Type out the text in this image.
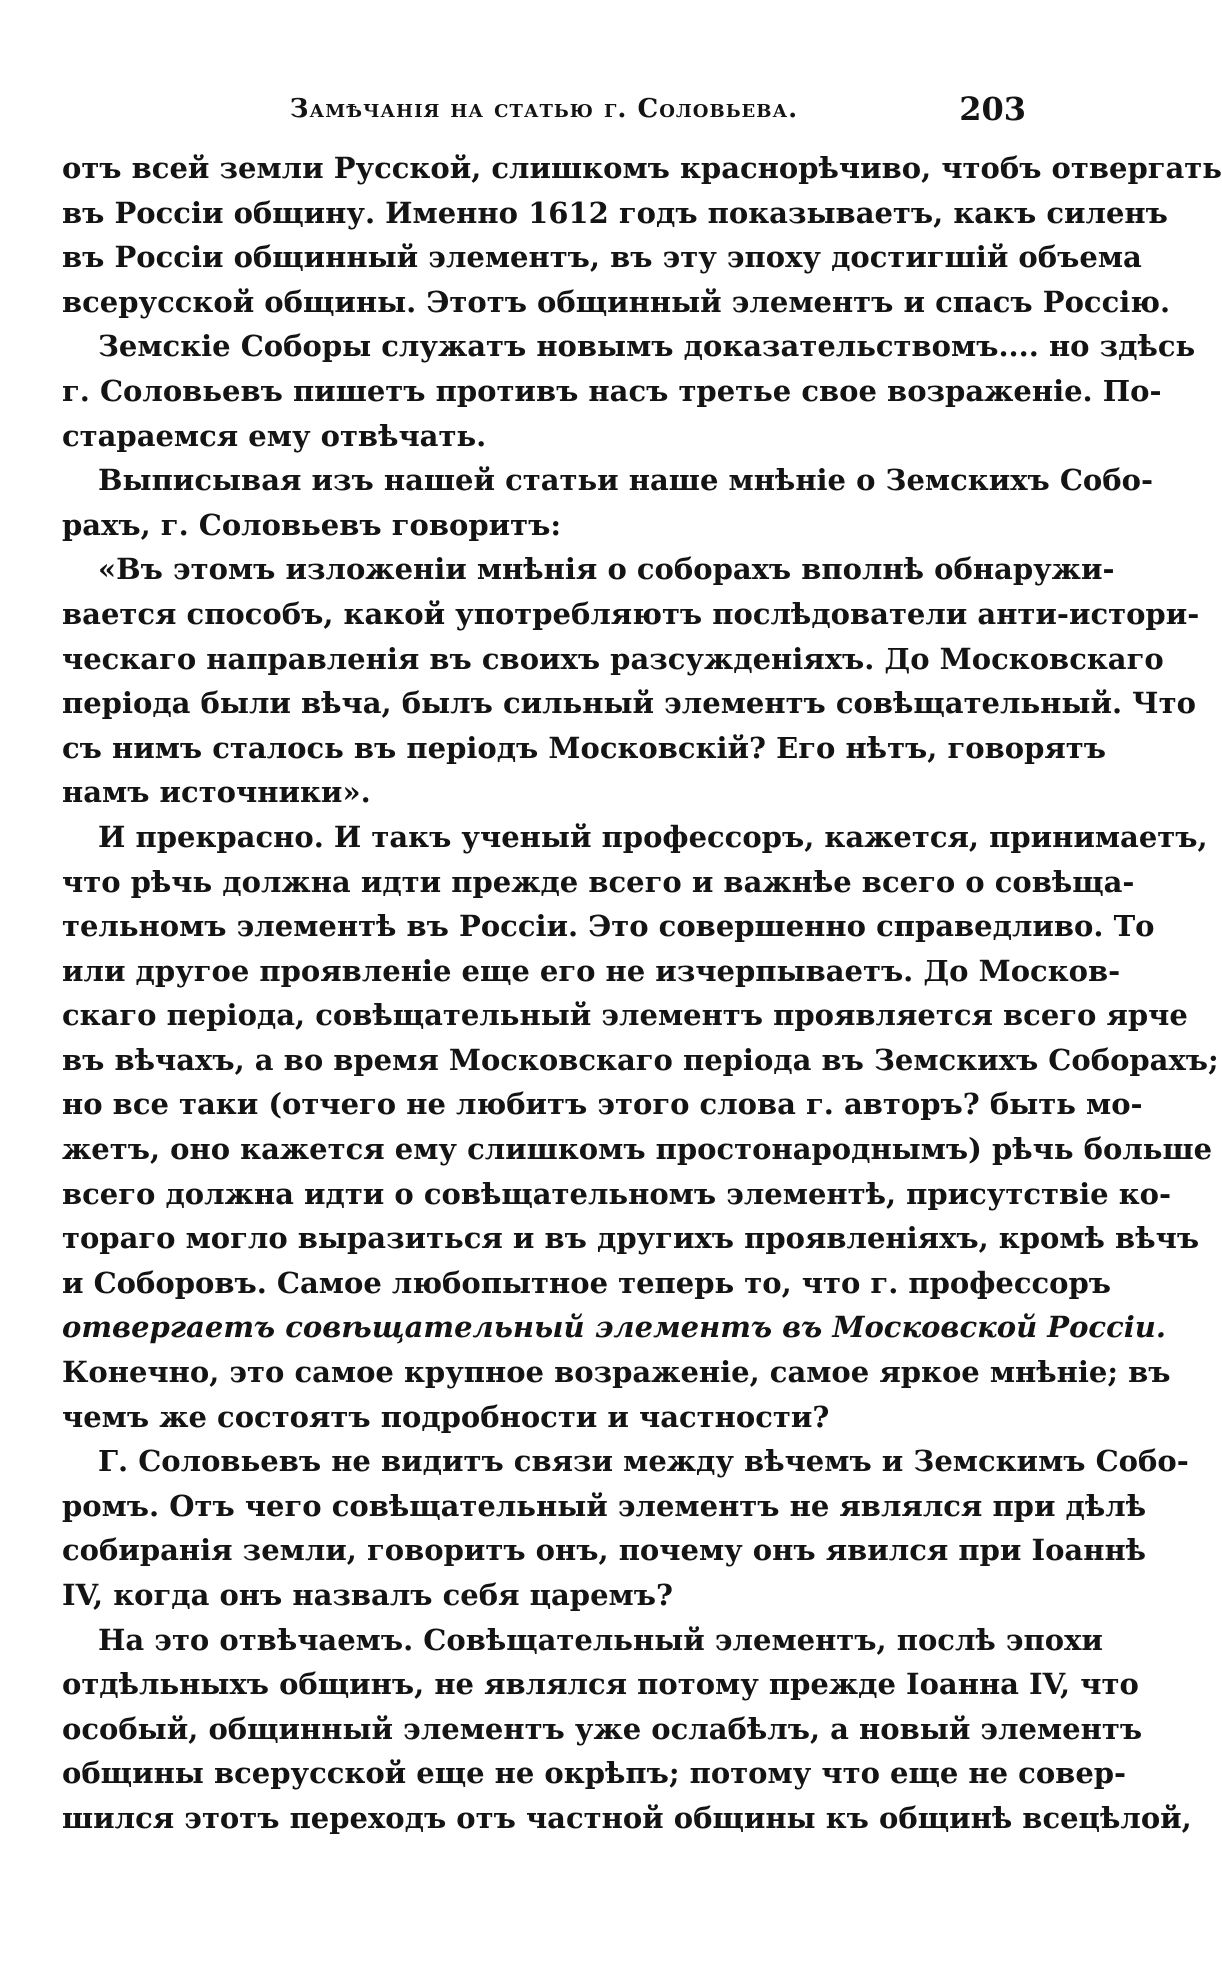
Замѣчанія на статью г. Соловьева.	203
отъ всей земли Русской, слишкомъ краснорѣчиво, чтобъ отвергать
въ Россіи общину. Именно 1612 годъ показываетъ, какъ силенъ
въ Россіи общинный элементъ, въ эту эпоху достигшій объема
всерусской общины. Этотъ общинный элементъ и спасъ Россію.
Земскіе Соборы служатъ новымъ доказательствомъ.... но здѣсь
г. Соловьевъ пишетъ противъ насъ третье свое возраженіе. По-
стараемся ему отвѣчать.
Выписывая изъ нашей статьи наше мнѣніе о Земскихъ Собо-
рахъ, г. Соловьевъ говоритъ:
«Въ этомъ изложеніи мнѣнія о соборахъ вполнѣ обнаружи-
вается способъ, какой употребляютъ послѣдователи анти-истори-
ческаго направленія въ своихъ разсужденіяхъ. До Московскаго
періода были вѣча, былъ сильный элементъ совѣщательный. Что
съ нимъ сталось въ періодъ Московскій? Его нѣтъ, говорятъ
намъ источники».
И прекрасно. И такъ ученый профессоръ, кажется, принимаетъ,
что рѣчь должна идти прежде всего и важнѣе всего о совѣща-
тельномъ элементѣ въ Россіи. Это совершенно справедливо. То
или другое проявленіе еще его не изчерпываетъ. До Москов-
скаго періода, совѣщательный элементъ проявляется всего ярче
въ вѣчахъ, а во время Московскаго періода въ Земскихъ Соборахъ;
но все таки (отчего не любитъ этого слова г. авторъ? быть мо-
жетъ, оно кажется ему слишкомъ простонароднымъ) рѣчь больше
всего должна идти о совѣщательномъ элементѣ, присутствіе ко-
тораго могло выразиться и въ другихъ проявленіяхъ, кромѣ вѣчъ
и Соборовъ. Самое любопытное теперь то, что г. профессоръ
отвергаетъ совѣщательный элементъ въ Московской Россіи.
Конечно, это самое крупное возраженіе, самое яркое мнѣніе; въ
чемъ же состоятъ подробности и частности?
Г. Соловьевъ не видитъ связи между вѣчемъ и Земскимъ Собо-
ромъ. Отъ чего совѣщательный элементъ не являлся при дѣлѣ
собиранія земли, говоритъ онъ, почему онъ явился при Іоаннѣ
IV, когда онъ назвалъ себя царемъ?
На это отвѣчаемъ. Совѣщательный элементъ, послѣ эпохи
отдѣльныхъ общинъ, не являлся потому прежде Іоанна IV, что
особый, общинный элементъ уже ослабѣлъ, а новый элементъ
общины всерусской еще не окрѣпъ; потому что еще не совер-
шился этотъ переходъ отъ частной общины къ общинѣ всецѣлой,
